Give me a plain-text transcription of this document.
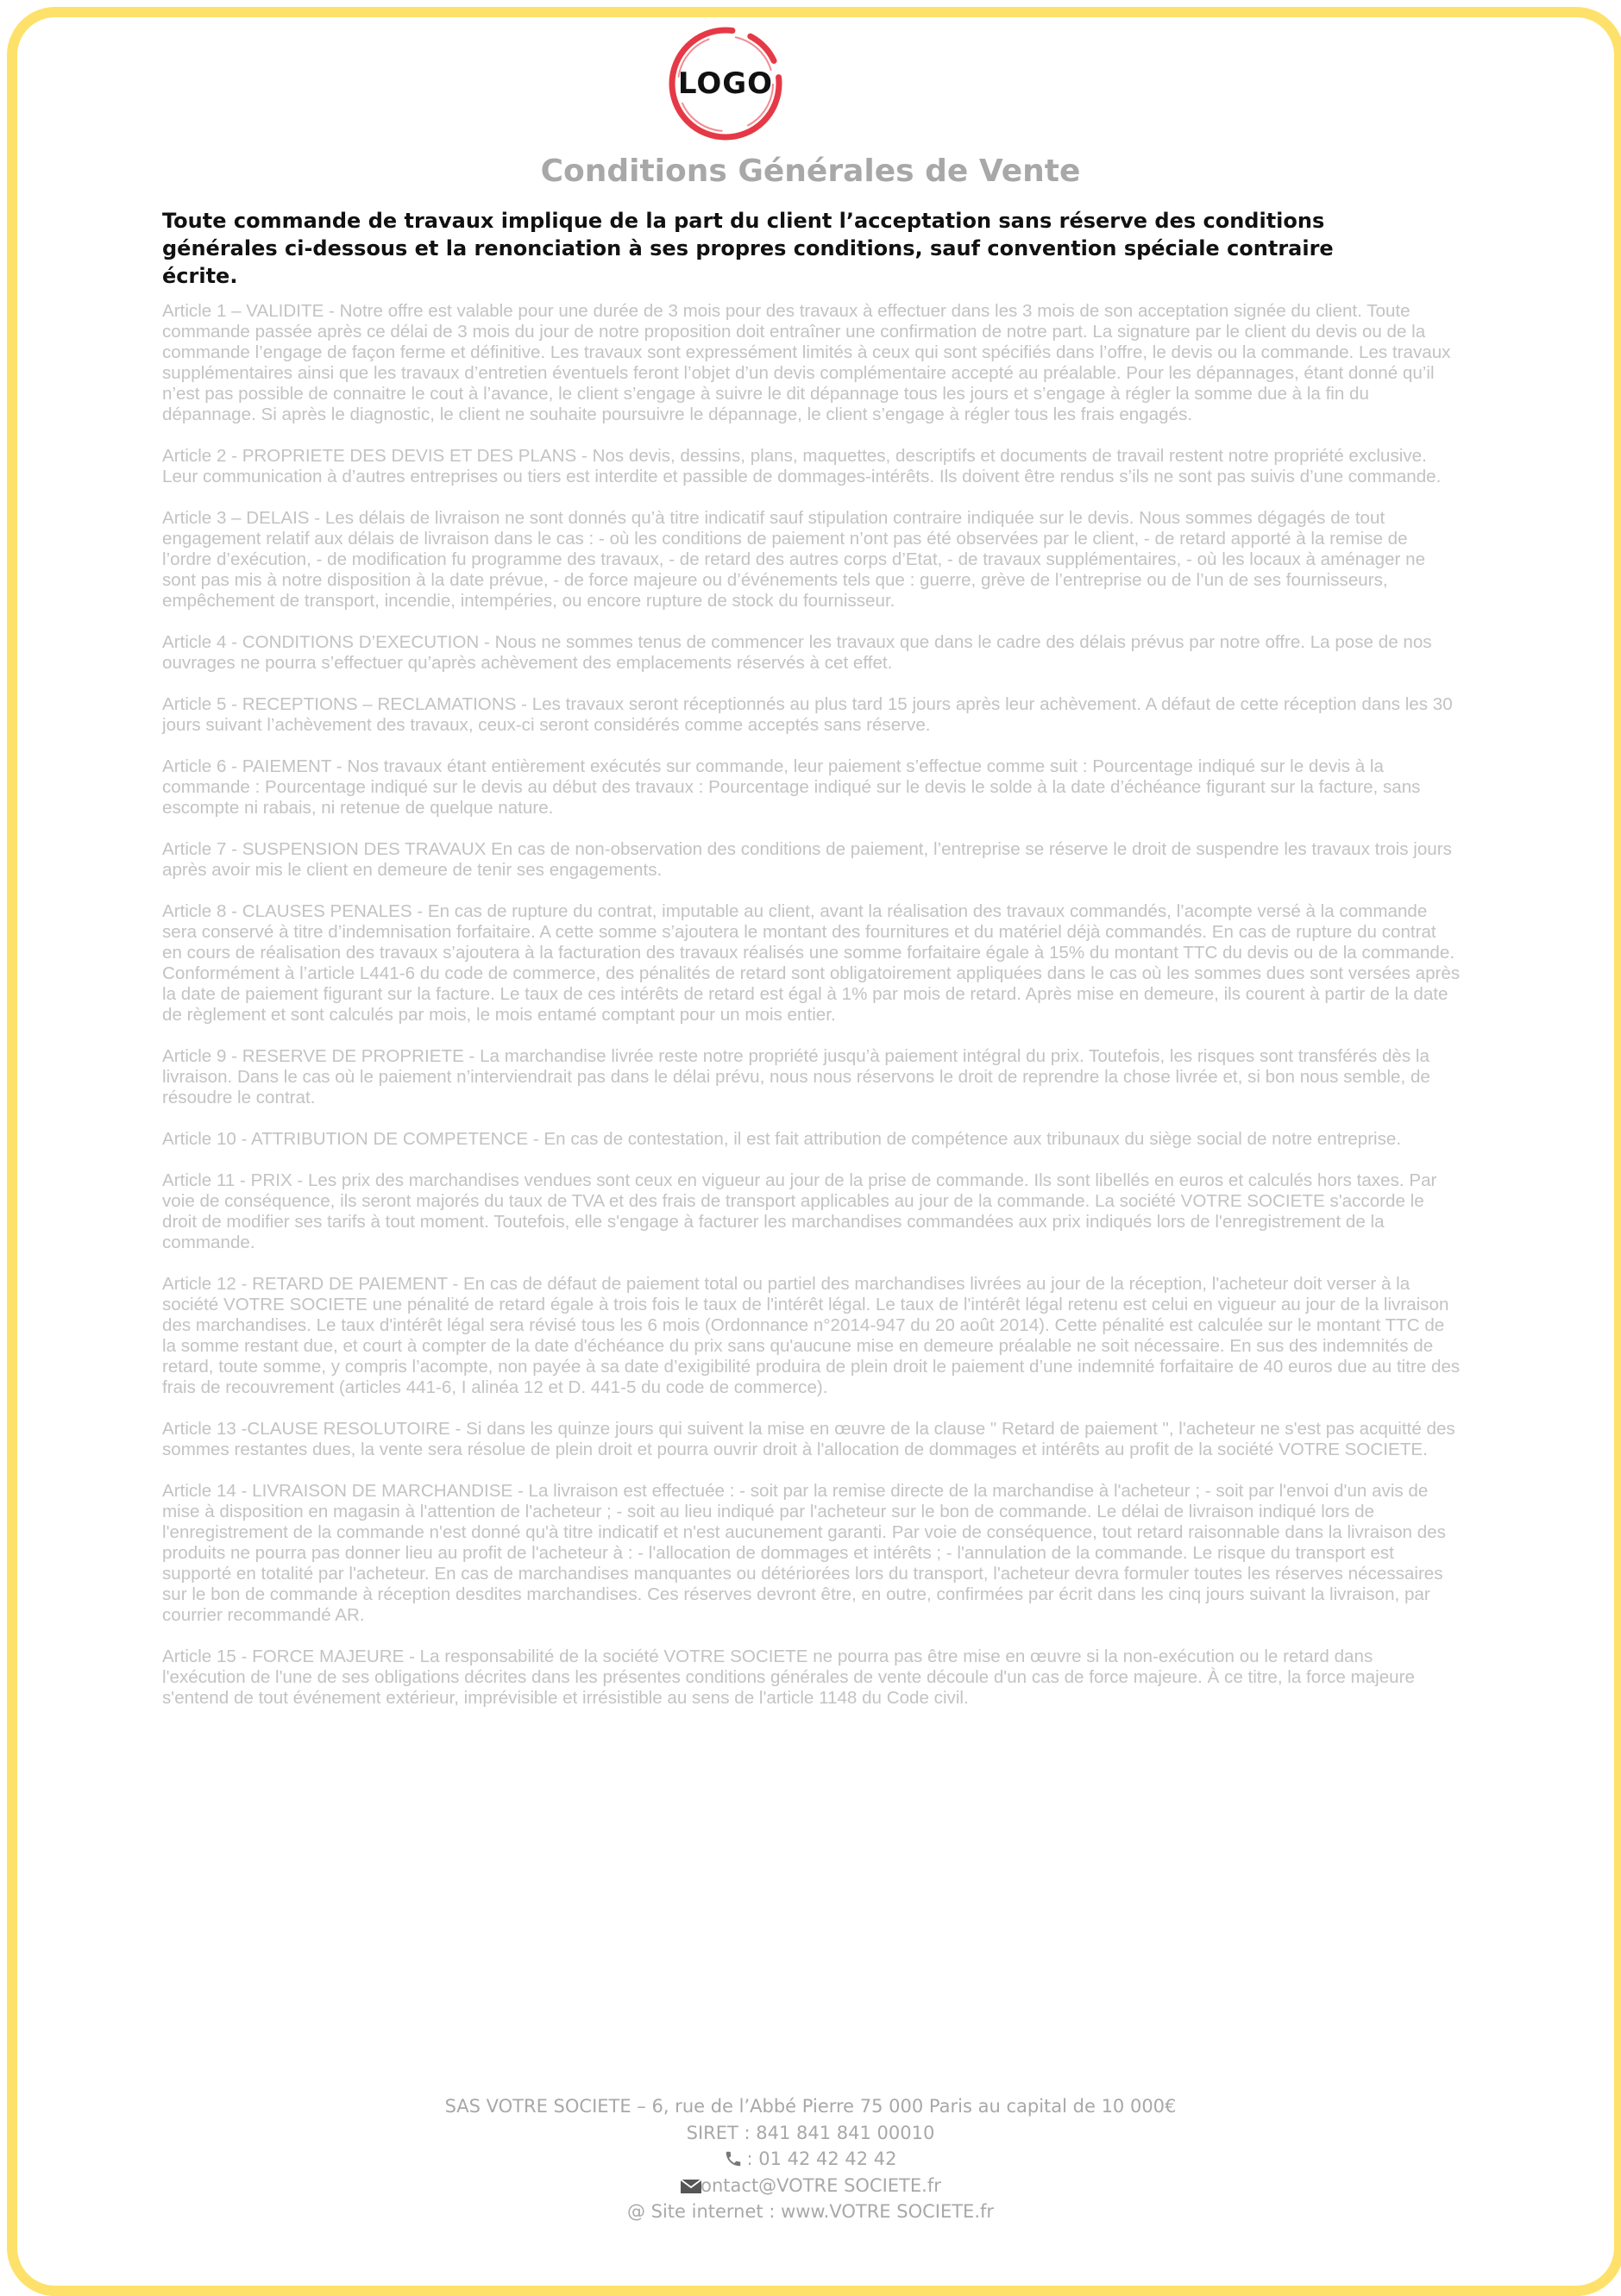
LOGO
Conditions Générales de Vente
Toute commande de travaux implique de la part du client l’acceptation sans réserve des conditions générales ci-dessous et la renonciation à ses propres conditions, sauf convention spéciale contraire écrite.

Article 1 – VALIDITE - Notre offre est valable pour une durée de 3 mois pour des travaux à effectuer dans les 3 mois de son acceptation signée du client. Toute commande passée après ce délai de 3 mois du jour de notre proposition doit entraîner une confirmation de notre part. La signature par le client du devis ou de la commande l’engage de façon ferme et définitive. Les travaux sont expressément limités à ceux qui sont spécifiés dans l’offre, le devis ou la commande. Les travaux supplémentaires ainsi que les travaux d’entretien éventuels feront l’objet d’un devis complémentaire accepté au préalable. Pour les dépannages, étant donné qu’il n’est pas possible de connaitre le cout à l’avance, le client s’engage à suivre le dit dépannage tous les jours et s’engage à régler la somme due à la fin du dépannage. Si après le diagnostic, le client ne souhaite poursuivre le dépannage, le client s’engage à régler tous les frais engagés.

Article 2 - PROPRIETE DES DEVIS ET DES PLANS - Nos devis, dessins, plans, maquettes, descriptifs et documents de travail restent notre propriété exclusive. Leur communication à d’autres entreprises ou tiers est interdite et passible de dommages-intérêts. Ils doivent être rendus s’ils ne sont pas suivis d’une commande.

Article 3 – DELAIS - Les délais de livraison ne sont donnés qu’à titre indicatif sauf stipulation contraire indiquée sur le devis. Nous sommes dégagés de tout engagement relatif aux délais de livraison dans le cas : - où les conditions de paiement n’ont pas été observées par le client, - de retard apporté à la remise de l’ordre d’exécution, - de modification fu programme des travaux, - de retard des autres corps d’Etat, - de travaux supplémentaires, - où les locaux à aménager ne sont pas mis à notre disposition à la date prévue, - de force majeure ou d’événements tels que : guerre, grève de l’entreprise ou de l’un de ses fournisseurs, empêchement de transport, incendie, intempéries, ou encore rupture de stock du fournisseur.

Article 4 - CONDITIONS D’EXECUTION - Nous ne sommes tenus de commencer les travaux que dans le cadre des délais prévus par notre offre. La pose de nos ouvrages ne pourra s’effectuer qu’après achèvement des emplacements réservés à cet effet.

Article 5 - RECEPTIONS – RECLAMATIONS - Les travaux seront réceptionnés au plus tard 15 jours après leur achèvement. A défaut de cette réception dans les 30 jours suivant l’achèvement des travaux, ceux-ci seront considérés comme acceptés sans réserve.

Article 6 - PAIEMENT - Nos travaux étant entièrement exécutés sur commande, leur paiement s’effectue comme suit : Pourcentage indiqué sur le devis à la commande : Pourcentage indiqué sur le devis au début des travaux : Pourcentage indiqué sur le devis le solde à la date d’échéance figurant sur la facture, sans escompte ni rabais, ni retenue de quelque nature.

Article 7 - SUSPENSION DES TRAVAUX En cas de non-observation des conditions de paiement, l’entreprise se réserve le droit de suspendre les travaux trois jours après avoir mis le client en demeure de tenir ses engagements.

Article 8 - CLAUSES PENALES - En cas de rupture du contrat, imputable au client, avant la réalisation des travaux commandés, l’acompte versé à la commande sera conservé à titre d’indemnisation forfaitaire. A cette somme s’ajoutera le montant des fournitures et du matériel déjà commandés. En cas de rupture du contrat en cours de réalisation des travaux s’ajoutera à la facturation des travaux réalisés une somme forfaitaire égale à 15% du montant TTC du devis ou de la commande. Conformément à l’article L441-6 du code de commerce, des pénalités de retard sont obligatoirement appliquées dans le cas où les sommes dues sont versées après la date de paiement figurant sur la facture. Le taux de ces intérêts de retard est égal à 1% par mois de retard. Après mise en demeure, ils courent à partir de la date de règlement et sont calculés par mois, le mois entamé comptant pour un mois entier.

Article 9 - RESERVE DE PROPRIETE - La marchandise livrée reste notre propriété jusqu’à paiement intégral du prix. Toutefois, les risques sont transférés dès la livraison. Dans le cas où le paiement n’interviendrait pas dans le délai prévu, nous nous réservons le droit de reprendre la chose livrée et, si bon nous semble, de résoudre le contrat.

Article 10 - ATTRIBUTION DE COMPETENCE - En cas de contestation, il est fait attribution de compétence aux tribunaux du siège social de notre entreprise.

Article 11 - PRIX - Les prix des marchandises vendues sont ceux en vigueur au jour de la prise de commande. Ils sont libellés en euros et calculés hors taxes. Par voie de conséquence, ils seront majorés du taux de TVA et des frais de transport applicables au jour de la commande. La société VOTRE SOCIETE s'accorde le droit de modifier ses tarifs à tout moment. Toutefois, elle s'engage à facturer les marchandises commandées aux prix indiqués lors de l'enregistrement de la commande.

Article 12 - RETARD DE PAIEMENT - En cas de défaut de paiement total ou partiel des marchandises livrées au jour de la réception, l'acheteur doit verser à la société VOTRE SOCIETE une pénalité de retard égale à trois fois le taux de l'intérêt légal. Le taux de l'intérêt légal retenu est celui en vigueur au jour de la livraison des marchandises. Le taux d'intérêt légal sera révisé tous les 6 mois (Ordonnance n°2014-947 du 20 août 2014). Cette pénalité est calculée sur le montant TTC de la somme restant due, et court à compter de la date d'échéance du prix sans qu'aucune mise en demeure préalable ne soit nécessaire. En sus des indemnités de retard, toute somme, y compris l’acompte, non payée à sa date d’exigibilité produira de plein droit le paiement d’une indemnité forfaitaire de 40 euros due au titre des frais de recouvrement (articles 441-6, I alinéa 12 et D. 441-5 du code de commerce).

Article 13 -CLAUSE RESOLUTOIRE - Si dans les quinze jours qui suivent la mise en œuvre de la clause " Retard de paiement ", l'acheteur ne s'est pas acquitté des sommes restantes dues, la vente sera résolue de plein droit et pourra ouvrir droit à l'allocation de dommages et intérêts au profit de la société VOTRE SOCIETE.

Article 14 - LIVRAISON DE MARCHANDISE - La livraison est effectuée : - soit par la remise directe de la marchandise à l'acheteur ; - soit par l'envoi d'un avis de mise à disposition en magasin à l'attention de l'acheteur ; - soit au lieu indiqué par l'acheteur sur le bon de commande. Le délai de livraison indiqué lors de l'enregistrement de la commande n'est donné qu'à titre indicatif et n'est aucunement garanti. Par voie de conséquence, tout retard raisonnable dans la livraison des produits ne pourra pas donner lieu au profit de l'acheteur à : - l'allocation de dommages et intérêts ; - l'annulation de la commande. Le risque du transport est supporté en totalité par l'acheteur. En cas de marchandises manquantes ou détériorées lors du transport, l'acheteur devra formuler toutes les réserves nécessaires sur le bon de commande à réception desdites marchandises. Ces réserves devront être, en outre, confirmées par écrit dans les cinq jours suivant la livraison, par courrier recommandé AR.

Article 15 - FORCE MAJEURE - La responsabilité de la société VOTRE SOCIETE ne pourra pas être mise en œuvre si la non-exécution ou le retard dans l'exécution de l'une de ses obligations décrites dans les présentes conditions générales de vente découle d'un cas de force majeure. À ce titre, la force majeure s'entend de tout événement extérieur, imprévisible et irrésistible au sens de l'article 1148 du Code civil.

SAS VOTRE SOCIETE – 6, rue de l’Abbé Pierre 75 000 Paris au capital de 10 000€
SIRET : 841 841 841 00010
: 01 42 42 42 42
ontact@VOTRE SOCIETE.fr
@ Site internet : www.VOTRE SOCIETE.fr
